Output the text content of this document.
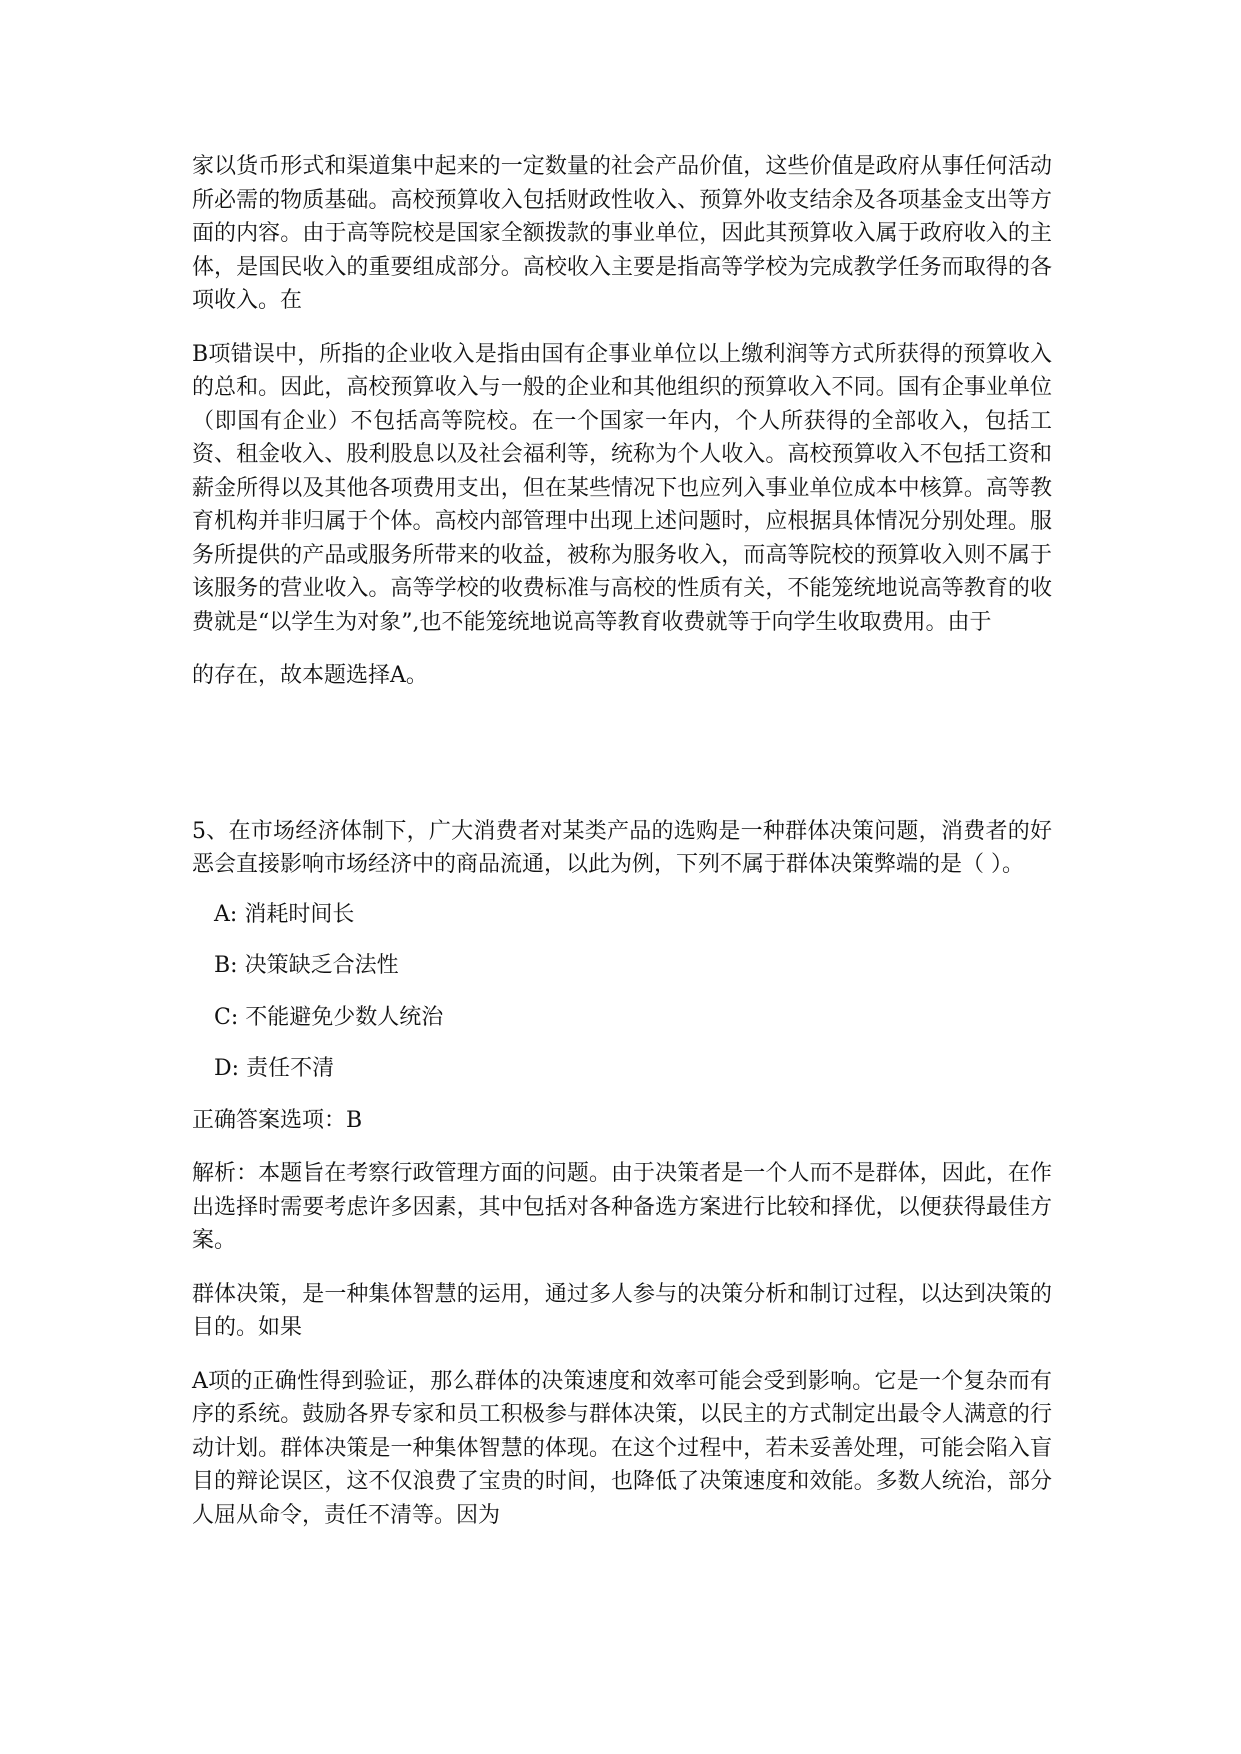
家以货币形式和渠道集中起来的一定数量的社会产品价值，这些价值是政府从事任何活动所必需的物质基础。高校预算收入包括财政性收入、预算外收支结余及各项基金支出等方面的内容。由于高等院校是国家全额拨款的事业单位，因此其预算收入属于政府收入的主体，是国民收入的重要组成部分。高校收入主要是指高等学校为完成教学任务而取得的各项收入。在

B项错误中，所指的企业收入是指由国有企事业单位以上缴利润等方式所获得的预算收入的总和。因此，高校预算收入与一般的企业和其他组织的预算收入不同。国有企事业单位（即国有企业）不包括高等院校。在一个国家一年内，个人所获得的全部收入，包括工资、租金收入、股利股息以及社会福利等，统称为个人收入。高校预算收入不包括工资和薪金所得以及其他各项费用支出，但在某些情况下也应列入事业单位成本中核算。高等教育机构并非归属于个体。高校内部管理中出现上述问题时，应根据具体情况分别处理。服务所提供的产品或服务所带来的收益，被称为服务收入，而高等院校的预算收入则不属于该服务的营业收入。高等学校的收费标准与高校的性质有关，不能笼统地说高等教育的收费就是“以学生为对象”,也不能笼统地说高等教育收费就等于向学生收取费用。由于

的存在，故本题选择A。

5、在市场经济体制下，广大消费者对某类产品的选购是一种群体决策问题，消费者的好恶会直接影响市场经济中的商品流通，以此为例，下列不属于群体决策弊端的是（ ）。

A: 消耗时间长

B: 决策缺乏合法性

C: 不能避免少数人统治

D: 责任不清

正确答案选项：B

解析：本题旨在考察行政管理方面的问题。由于决策者是一个人而不是群体，因此，在作出选择时需要考虑许多因素，其中包括对各种备选方案进行比较和择优，以便获得最佳方案。

群体决策，是一种集体智慧的运用，通过多人参与的决策分析和制订过程，以达到决策的目的。如果

A项的正确性得到验证，那么群体的决策速度和效率可能会受到影响。它是一个复杂而有序的系统。鼓励各界专家和员工积极参与群体决策，以民主的方式制定出最令人满意的行动计划。群体决策是一种集体智慧的体现。在这个过程中，若未妥善处理，可能会陷入盲目的辩论误区，这不仅浪费了宝贵的时间，也降低了决策速度和效能。多数人统治，部分人屈从命令，责任不清等。因为
